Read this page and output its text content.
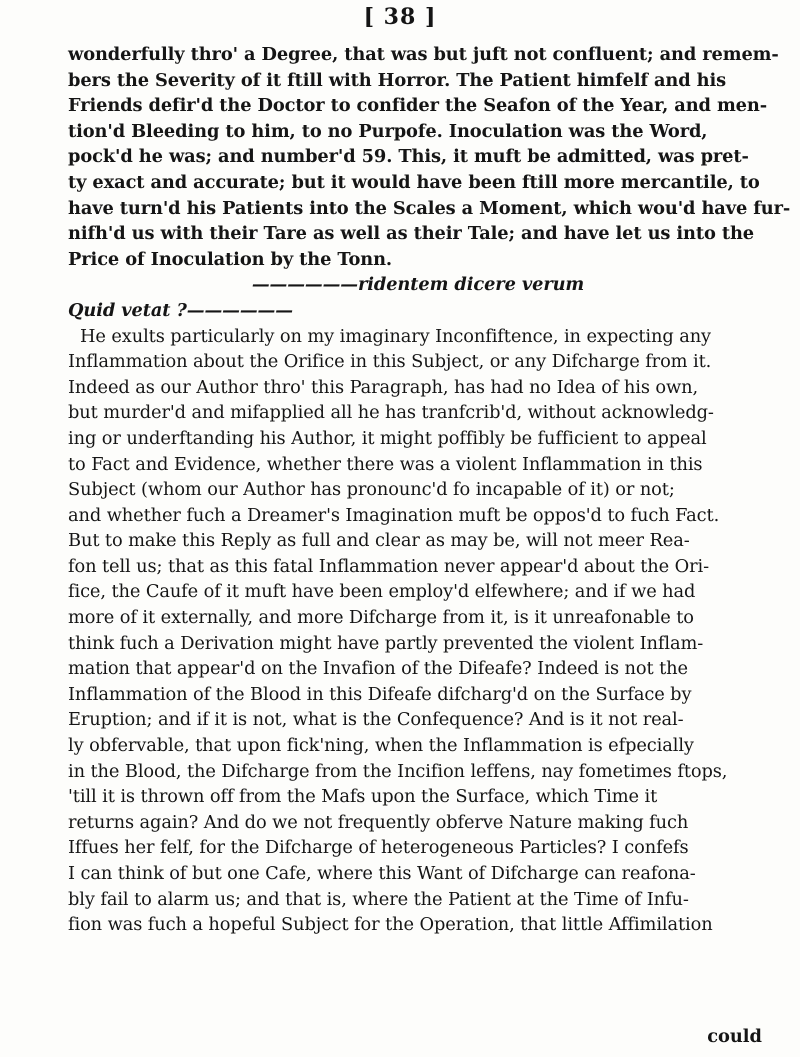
[ 38 ]
wonderfully thro' a Degree, that was but juft not confluent; and remem-
bers the Severity of it ftill with Horror. The Patient himfelf and his
Friends defir'd the Doctor to confider the Seafon of the Year, and men-
tion'd Bleeding to him, to no Purpofe. Inoculation was the Word,
pock'd he was; and number'd 59. This, it muft be admitted, was pret-
ty exact and accurate; but it would have been ftill more mercantile, to
have turn'd his Patients into the Scales a Moment, which wou'd have fur-
nifh'd us with their Tare as well as their Tale; and have let us into the
Price of Inoculation by the Tonn.
——————ridentem dicere verum
Quid vetat ?——————
He exults particularly on my imaginary Inconfiftence, in expecting any
Inflammation about the Orifice in this Subject, or any Difcharge from it.
Indeed as our Author thro' this Paragraph, has had no Idea of his own,
but murder'd and mifapplied all he has tranfcrib'd, without acknowledg-
ing or underftanding his Author, it might poffibly be fufficient to appeal
to Fact and Evidence, whether there was a violent Inflammation in this
Subject (whom our Author has pronounc'd fo incapable of it) or not;
and whether fuch a Dreamer's Imagination muft be oppos'd to fuch Fact.
But to make this Reply as full and clear as may be, will not meer Rea-
fon tell us; that as this fatal Inflammation never appear'd about the Ori-
fice, the Caufe of it muft have been employ'd elfewhere; and if we had
more of it externally, and more Difcharge from it, is it unreafonable to
think fuch a Derivation might have partly prevented the violent Inflam-
mation that appear'd on the Invafion of the Difeafe? Indeed is not the
Inflammation of the Blood in this Difeafe difcharg'd on the Surface by
Eruption; and if it is not, what is the Confequence? And is it not real-
ly obfervable, that upon fick'ning, when the Inflammation is efpecially
in the Blood, the Difcharge from the Incifion leffens, nay fometimes ftops,
'till it is thrown off from the Mafs upon the Surface, which Time it
returns again? And do we not frequently obferve Nature making fuch
Iffues her felf, for the Difcharge of heterogeneous Particles? I confefs
I can think of but one Cafe, where this Want of Difcharge can reafona-
bly fail to alarm us; and that is, where the Patient at the Time of Infu-
fion was fuch a hopeful Subject for the Operation, that little Affimilation
could
